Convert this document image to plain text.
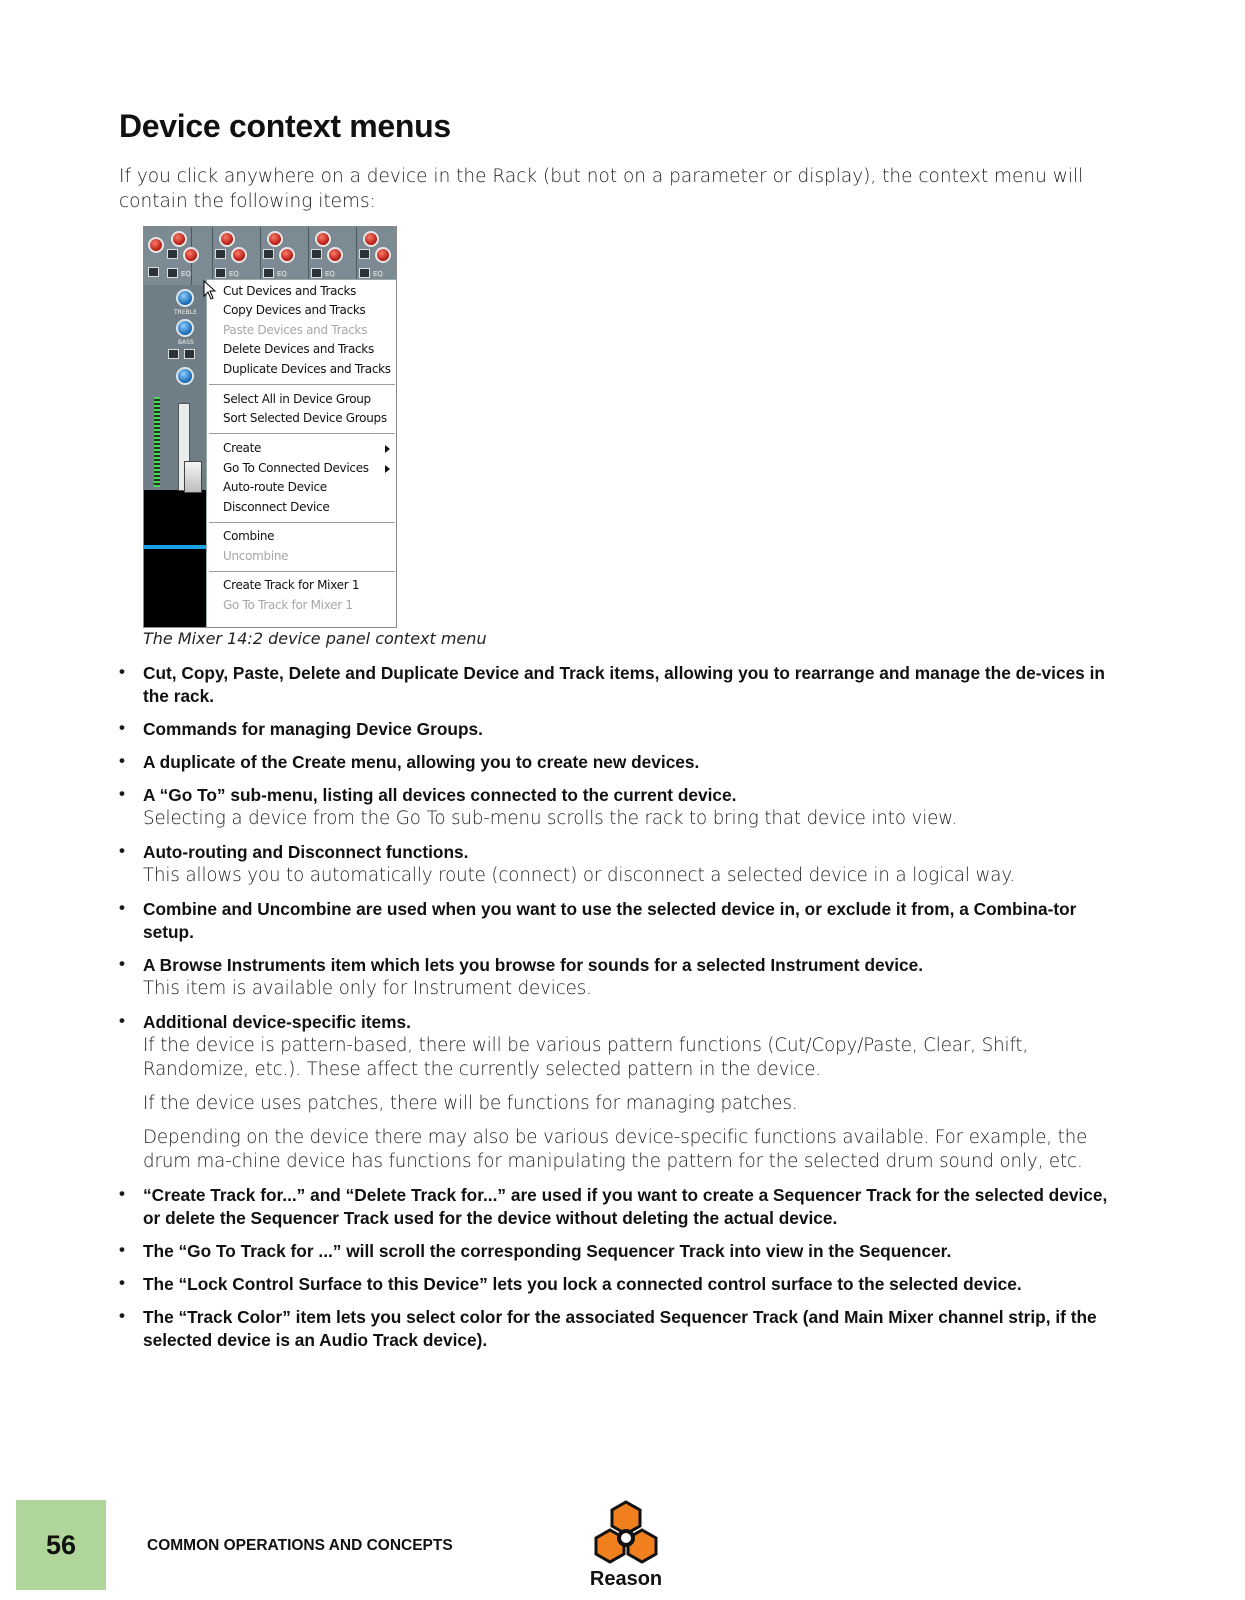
Device context menus

If you click anywhere on a device in the Rack (but not on a parameter or display), the context menu will contain the following items:

EQ	EQ	EQ	EQ	EQ
TREBLE
BASS
Cut Devices and Tracks
Copy Devices and Tracks
Paste Devices and Tracks
Delete Devices and Tracks
Duplicate Devices and Tracks
Select All in Device Group
Sort Selected Device Groups
Create
Go To Connected Devices
Auto-route Device
Disconnect Device
Combine
Uncombine
Create Track for Mixer 1
Go To Track for Mixer 1

The Mixer 14:2 device panel context menu

• Cut, Copy, Paste, Delete and Duplicate Device and Track items, allowing you to rearrange and manage the de-vices in the rack.
• Commands for managing Device Groups.
• A duplicate of the Create menu, allowing you to create new devices.
• A “Go To” sub-menu, listing all devices connected to the current device.
Selecting a device from the Go To sub-menu scrolls the rack to bring that device into view.
• Auto-routing and Disconnect functions.
This allows you to automatically route (connect) or disconnect a selected device in a logical way.
• Combine and Uncombine are used when you want to use the selected device in, or exclude it from, a Combina-tor setup.
• A Browse Instruments item which lets you browse for sounds for a selected Instrument device.
This item is available only for Instrument devices.
• Additional device-specific items.
If the device is pattern-based, there will be various pattern functions (Cut/Copy/Paste, Clear, Shift, Randomize, etc.). These affect the currently selected pattern in the device.
If the device uses patches, there will be functions for managing patches.
Depending on the device there may also be various device-specific functions available. For example, the drum ma-chine device has functions for manipulating the pattern for the selected drum sound only, etc.
• “Create Track for...” and “Delete Track for...” are used if you want to create a Sequencer Track for the selected device, or delete the Sequencer Track used for the device without deleting the actual device.
• The “Go To Track for ...” will scroll the corresponding Sequencer Track into view in the Sequencer.
• The “Lock Control Surface to this Device” lets you lock a connected control surface to the selected device.
• The “Track Color” item lets you select color for the associated Sequencer Track (and Main Mixer channel strip, if the selected device is an Audio Track device).
56	COMMON OPERATIONS AND CONCEPTS
Reason
